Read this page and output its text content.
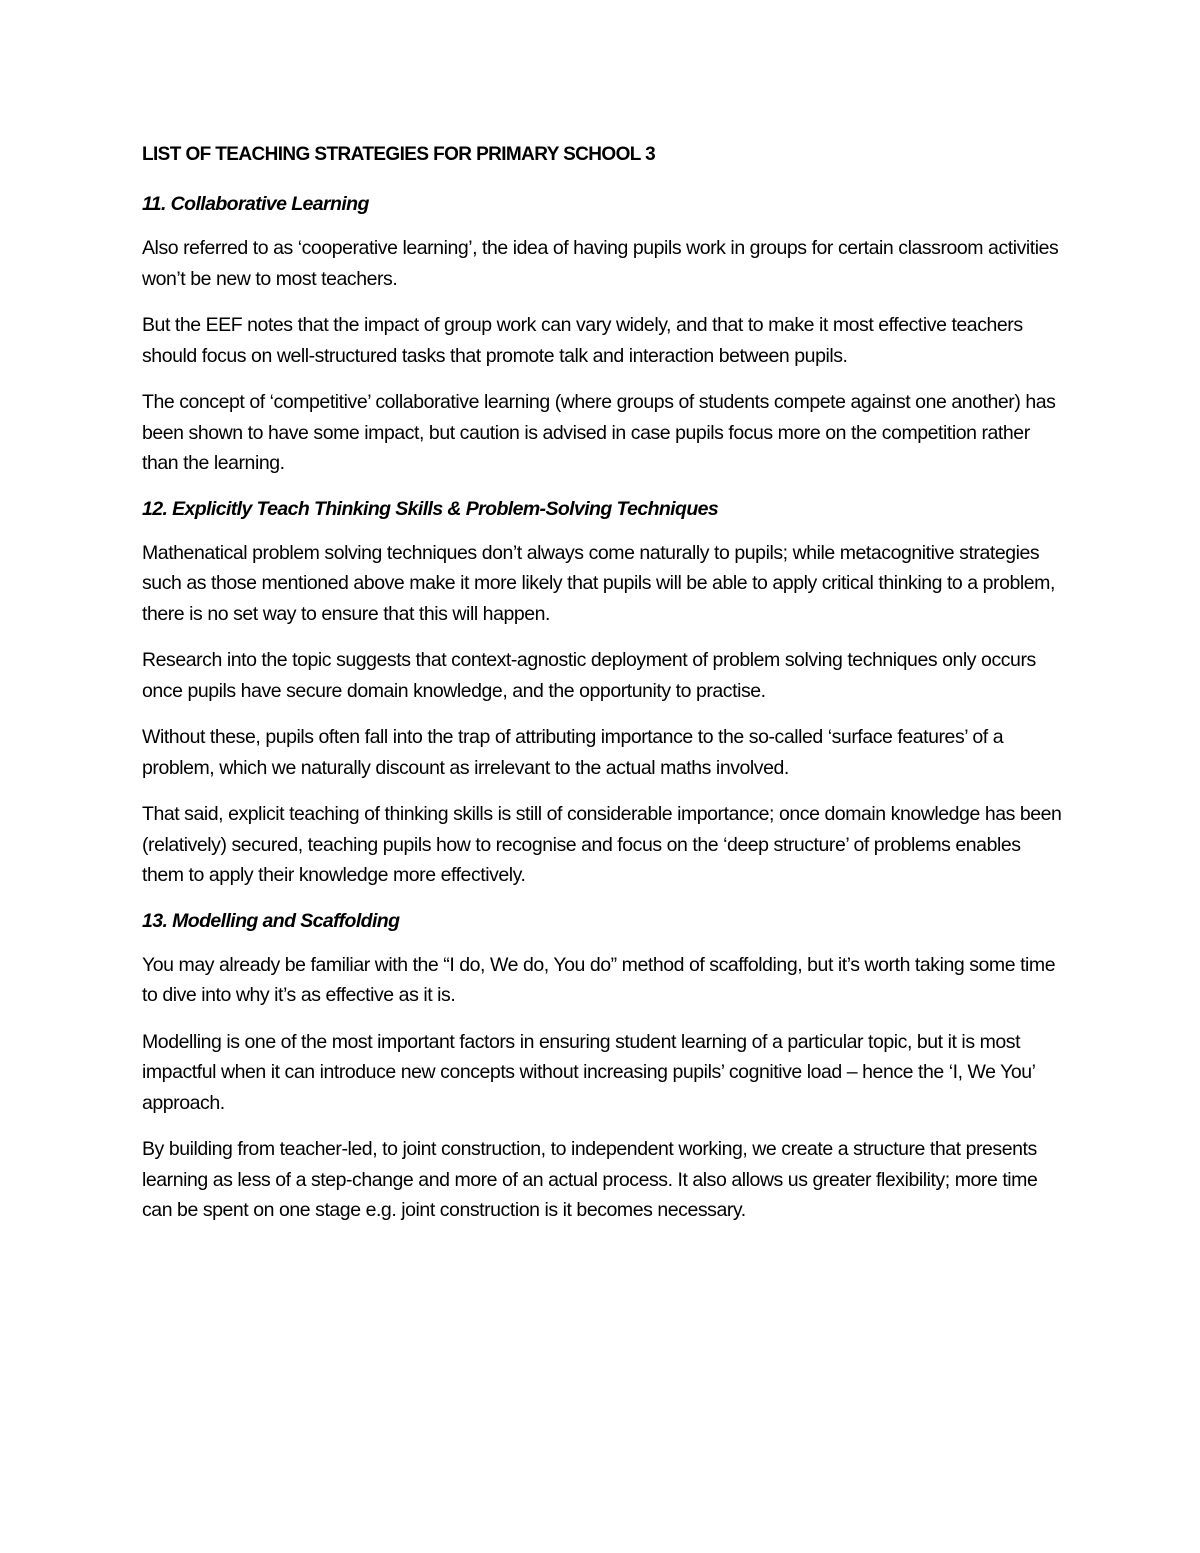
LIST OF TEACHING STRATEGIES FOR PRIMARY SCHOOL 3
11. Collaborative Learning

Also referred to as ‘cooperative learning’, the idea of having pupils work in groups for certain classroom activities won’t be new to most teachers.

But the EEF notes that the impact of group work can vary widely, and that to make it most effective teachers should focus on well-structured tasks that promote talk and interaction between pupils.

The concept of ‘competitive’ collaborative learning (where groups of students compete against one another) has been shown to have some impact, but caution is advised in case pupils focus more on the competition rather than the learning.

12. Explicitly Teach Thinking Skills & Problem-Solving Techniques

Mathenatical problem solving techniques don’t always come naturally to pupils; while metacognitive strategies such as those mentioned above make it more likely that pupils will be able to apply critical thinking to a problem, there is no set way to ensure that this will happen.

Research into the topic suggests that context-agnostic deployment of problem solving techniques only occurs once pupils have secure domain knowledge, and the opportunity to practise.

Without these, pupils often fall into the trap of attributing importance to the so-called ‘surface features’ of a problem, which we naturally discount as irrelevant to the actual maths involved.

That said, explicit teaching of thinking skills is still of considerable importance; once domain knowledge has been (relatively) secured, teaching pupils how to recognise and focus on the ‘deep structure’ of problems enables them to apply their knowledge more effectively.

13. Modelling and Scaffolding

You may already be familiar with the “I do, We do, You do” method of scaffolding, but it’s worth taking some time to dive into why it’s as effective as it is.

Modelling is one of the most important factors in ensuring student learning of a particular topic, but it is most impactful when it can introduce new concepts without increasing pupils’ cognitive load – hence the ‘I, We You’ approach.

By building from teacher-led, to joint construction, to independent working, we create a structure that presents learning as less of a step-change and more of an actual process. It also allows us greater flexibility; more time can be spent on one stage e.g. joint construction is it becomes necessary.
